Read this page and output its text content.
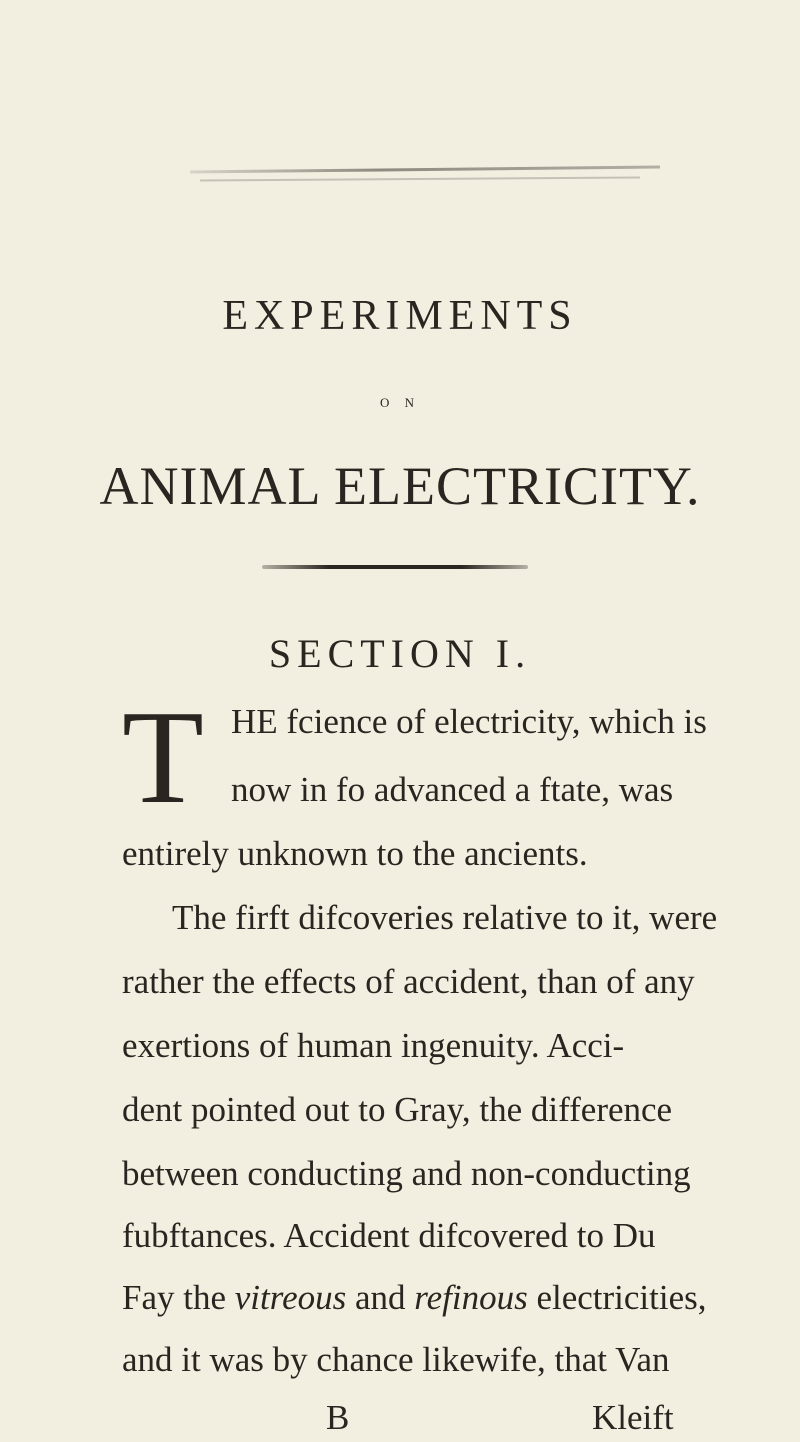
EXPERIMENTS
O N
ANIMAL ELECTRICITY.
SECTION I.
T HE fcience of electricity, which is
now in fo advanced a ftate, was
entirely unknown to the ancients.
The firft difcoveries relative to it, were
rather the effects of accident, than of any
exertions of human ingenuity. Acci-
dent pointed out to Gray, the difference
between conducting and non-conducting
fubftances. Accident difcovered to Du
Fay the vitreous and refinous electricities,
and it was by chance likewife, that Van
B	Kleift
